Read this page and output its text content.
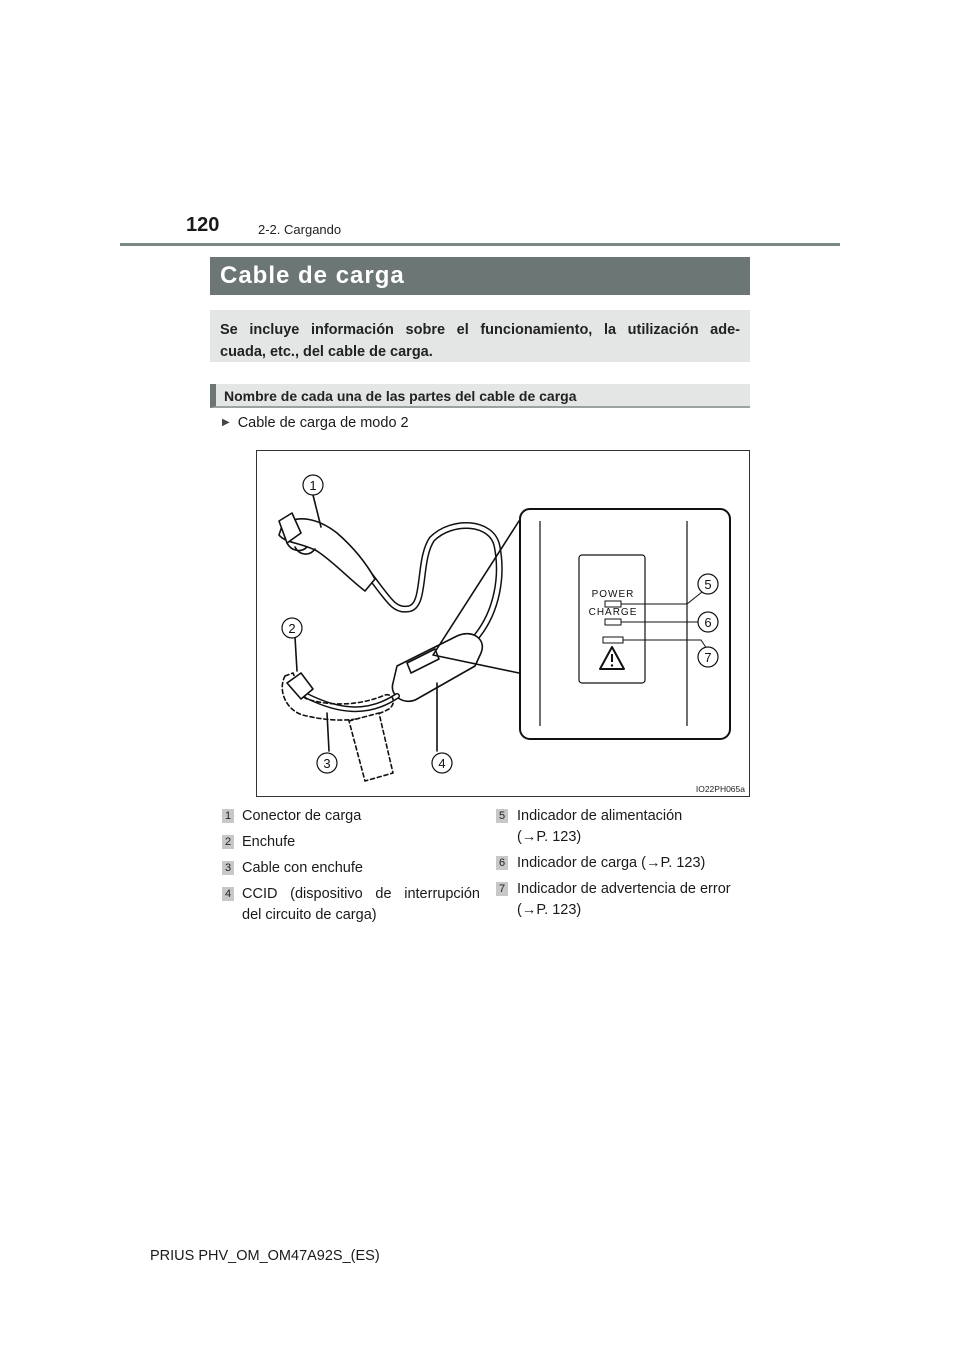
120	2-2. Cargando
Cable de carga
Se incluye información sobre el funcionamiento, la utilización ade-
cuada, etc., del cable de carga.
Nombre de cada una de las partes del cable de carga
▶ Cable de carga de modo 2
1
2
3	4
5
6
7
POWER
CHARGE
IO22PH065a
1 Conector de carga
2 Enchufe
3 Cable con enchufe
4 CCID (dispositivo de interrupción
del circuito de carga)
5 Indicador de alimentación
(→P. 123)
6 Indicador de carga (→P. 123)
7 Indicador de advertencia de error
(→P. 123)
PRIUS PHV_OM_OM47A92S_(ES)
